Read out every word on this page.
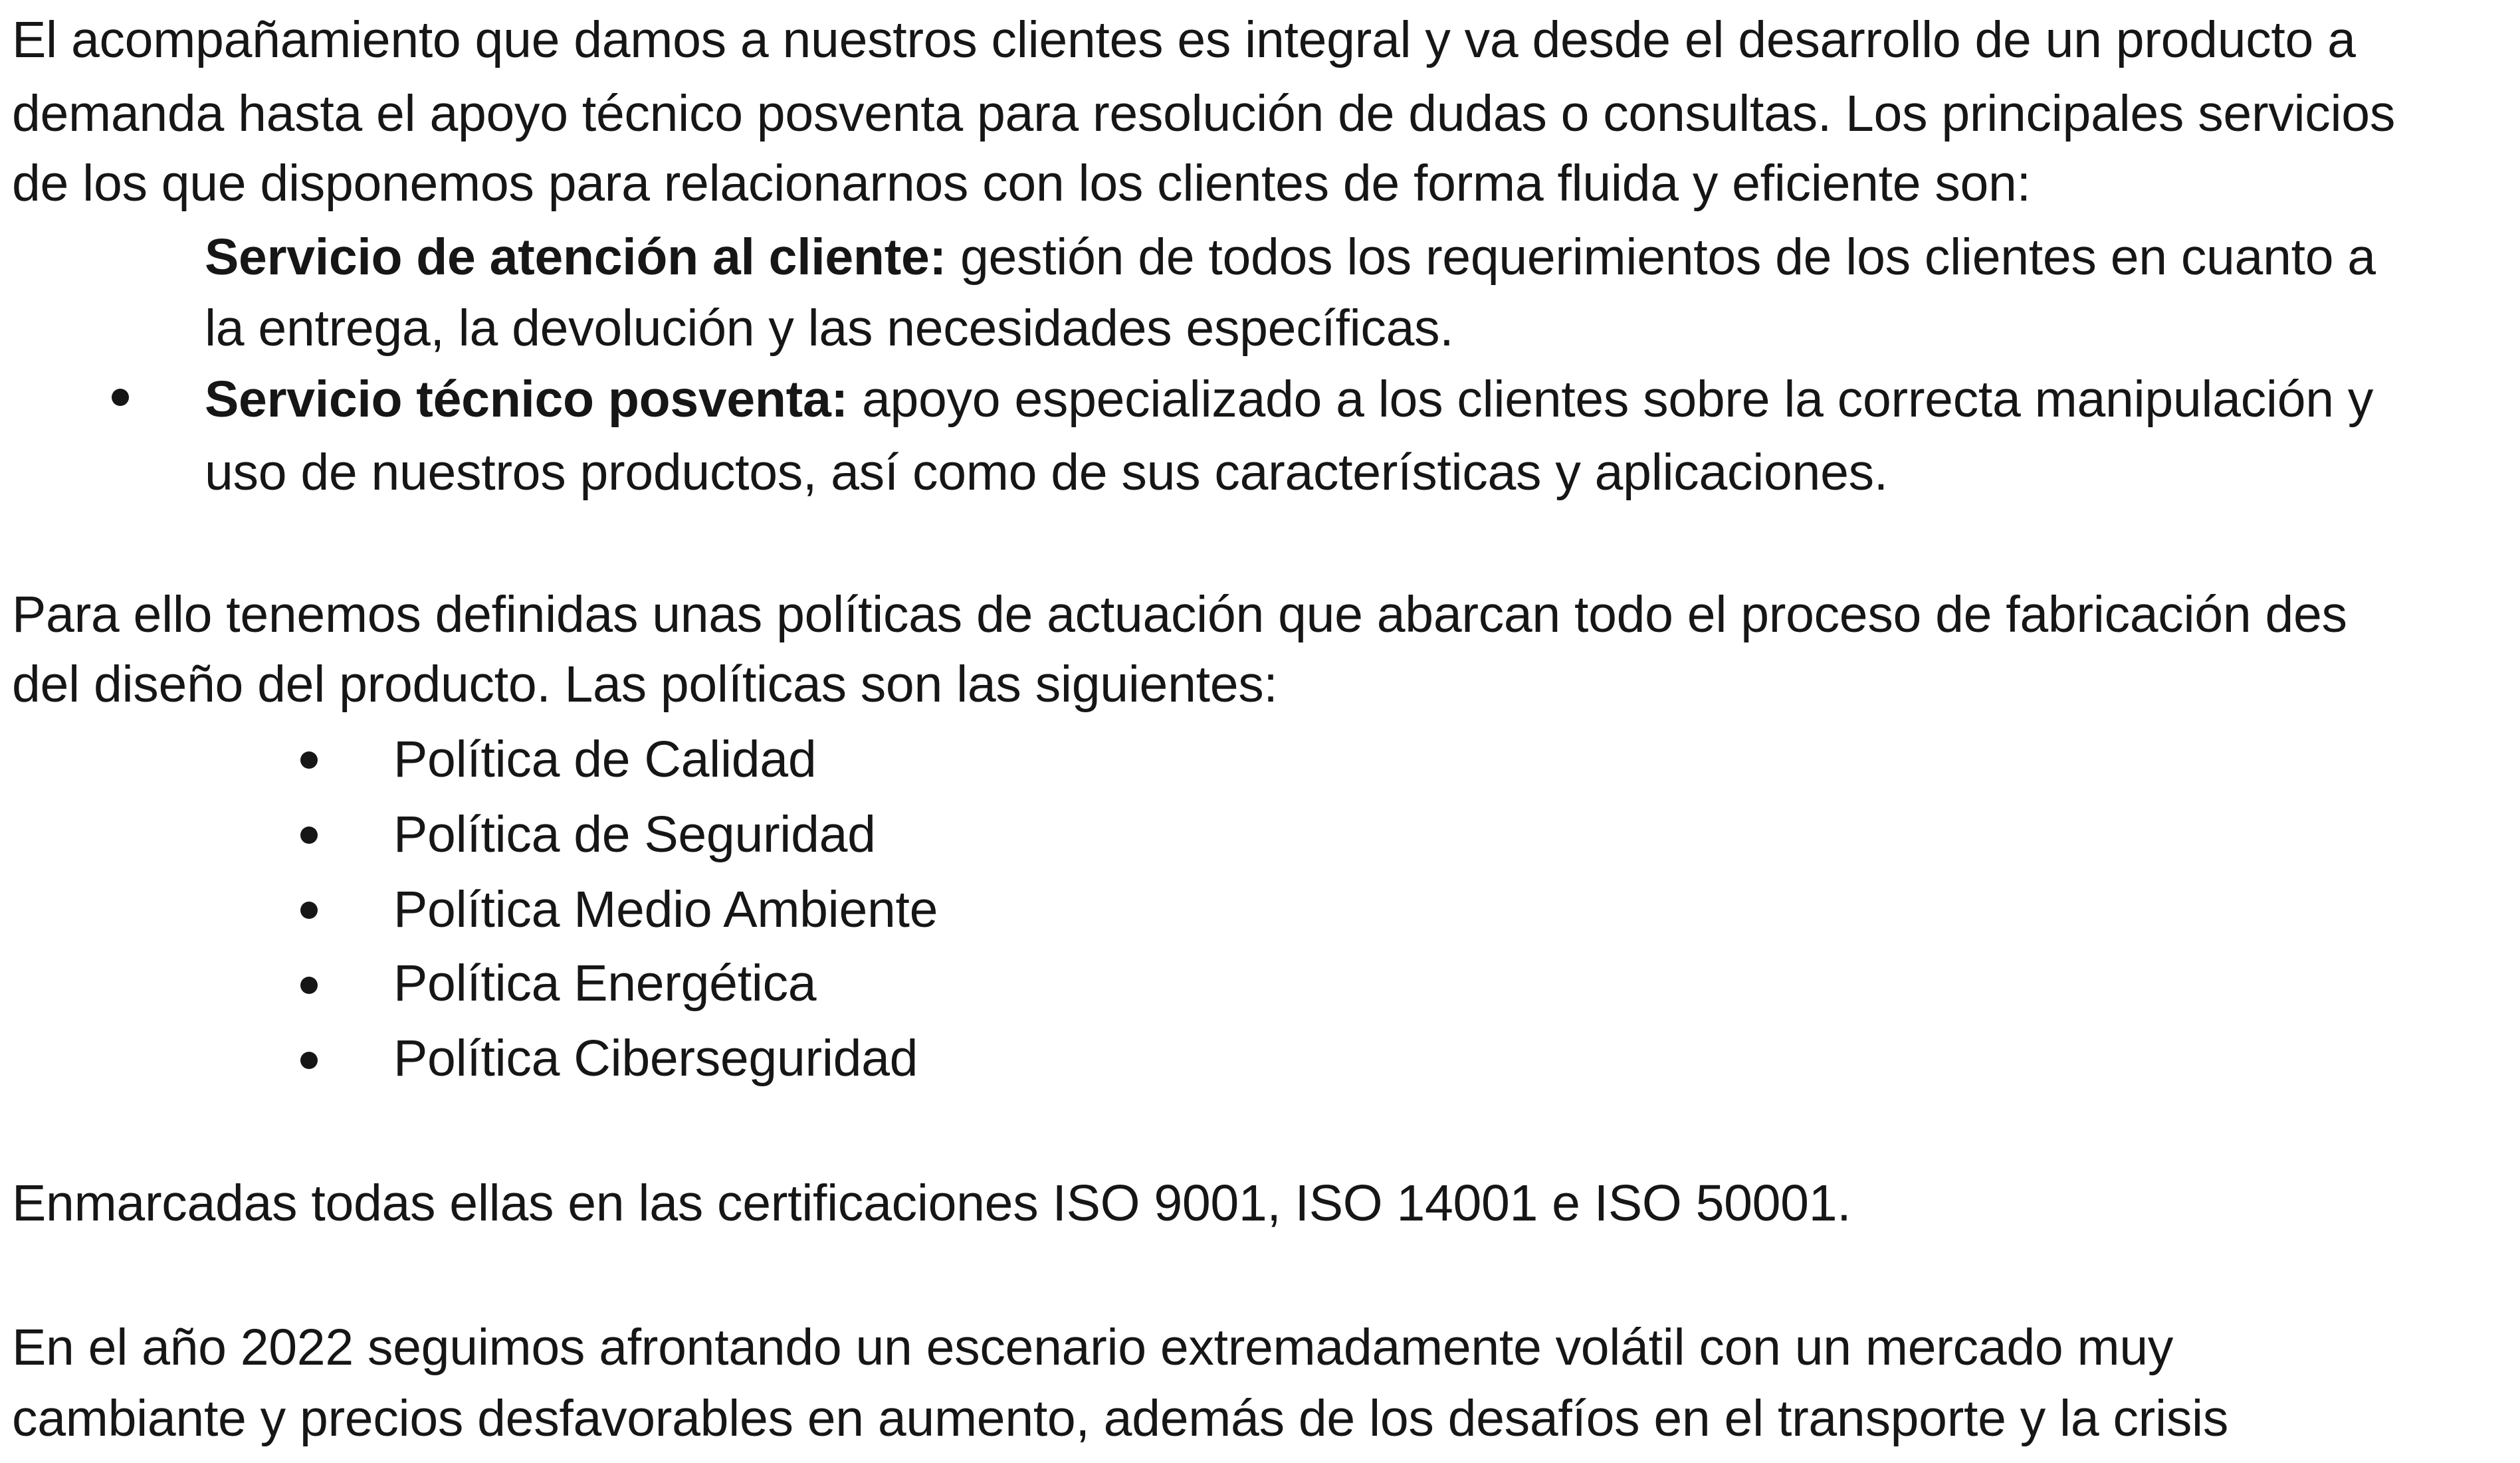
El acompañamiento que damos a nuestros clientes es integral y va desde el desarrollo de un producto a
demanda hasta el apoyo técnico posventa para resolución de dudas o consultas. Los principales servicios
de los que disponemos para relacionarnos con los clientes de forma fluida y eficiente son:
Servicio de atención al cliente: gestión de todos los requerimientos de los clientes en cuanto a
la entrega, la devolución y las necesidades específicas.
Servicio técnico posventa: apoyo especializado a los clientes sobre la correcta manipulación y
uso de nuestros productos, así como de sus características y aplicaciones.
Para ello tenemos definidas unas políticas de actuación que abarcan todo el proceso de fabricación des
del diseño del producto. Las políticas son las siguientes:
Política de Calidad
Política de Seguridad
Política Medio Ambiente
Política Energética
Política Ciberseguridad
Enmarcadas todas ellas en las certificaciones ISO 9001, ISO 14001 e ISO 50001.
En el año 2022 seguimos afrontando un escenario extremadamente volátil con un mercado muy
cambiante y precios desfavorables en aumento, además de los desafíos en el transporte y la crisis
